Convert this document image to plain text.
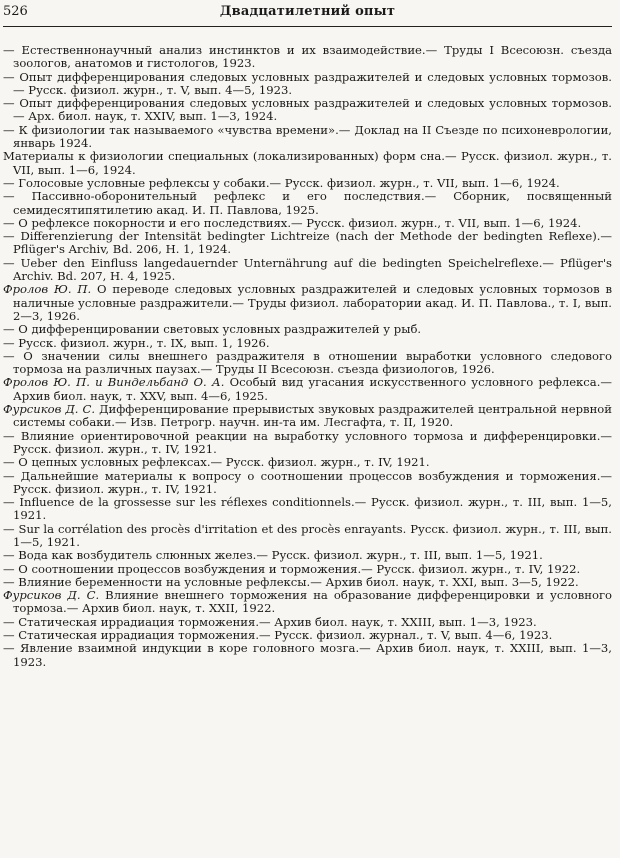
526	Двадцатилетний опыт

— Естественнонаучный анализ инстинктов и их взаимодействие.— Труды I Всесоюзн. съезда зоологов, анатомов и гистологов, 1923.

— Опыт дифференцирования следовых условных раздражителей и следовых условных тормозов.— Русск. физиол. журн., т. V, вып. 4—5, 1923.

— Опыт дифференцирования следовых условных раздражителей и следовых условных тормозов.— Арх. биол. наук, т. XXIV, вып. 1—3, 1924.

— К физиологии так называемого «чувства времени».— Доклад на II Съезде по психоневрологии, январь 1924.

Материалы к физиологии специальных (локализированных) форм сна.— Русск. физиол. журн., т. VII, вып. 1—6, 1924.

— Голосовые условные рефлексы у собаки.— Русск. физиол. журн., т. VII, вып. 1—6, 1924.

— Пассивно-оборонительный рефлекс и его последствия.— Сборник, посвященный семидесятипятилетию акад. И. П. Павлова, 1925.

— О рефлексе покорности и его последствиях.— Русск. физиол. журн., т. VII, вып. 1—6, 1924.

— Differenzierung der Intensität bedingter Lichtreize (nach der Methode der bedingten Reflexe).— Pflüger's Archiv, Bd. 206, H. 1, 1924.

— Ueber den Einfluss langedauernder Unternährung auf die bedingten Speichelreflexe.— Pflüger's Archiv. Bd. 207, H. 4, 1925.

Фролов Ю. П. О переводе следовых условных раздражителей и следовых условных тормозов в наличные условные раздражители.— Труды физиол. лаборатории акад. И. П. Павлова., т. I, вып. 2—3, 1926.

— О дифференцировании световых условных раздражителей у рыб.

— Русск. физиол. журн., т. IX, вып. 1, 1926.

— О значении силы внешнего раздражителя в отношении выработки условного следового тормоза на различных паузах.— Труды II Всесоюзн. съезда физиологов, 1926.

Фролов Ю. П. и Виндельбанд О. А. Особый вид угасания искусственного условного рефлекса.— Архив биол. наук, т. XXV, вып. 4—6, 1925.

Фурсиков Д. С. Дифференцирование прерывистых звуковых раздражителей центральной нервной системы собаки.— Изв. Петрогр. научн. ин-та им. Лесгафта, т. II, 1920.

— Влияние ориентировочной реакции на выработку условного тормоза и дифференцировки.— Русск. физиол. журн., т. IV, 1921.

— О цепных условных рефлексах.— Русск. физиол. журн., т. IV, 1921.

— Дальнейшие материалы к вопросу о соотношении процессов возбуждения и торможения.— Русск. физиол. журн., т. IV, 1921.

— Influence de la grossesse sur les réflexes conditionnels.— Русск. физиол. журн., т. III, вып. 1—5, 1921.

— Sur la corrélation des procès d'irritation et des procès enrayants. Русск. физиол. журн., т. III, вып. 1—5, 1921.

— Вода как возбудитель слюнных желез.— Русск. физиол. журн., т. III, вып. 1—5, 1921.

— О соотношении процессов возбуждения и торможения.— Русск. физиол. журн., т. IV, 1922.

— Влияние беременности на условные рефлексы.— Архив биол. наук, т. XXI, вып. 3—5, 1922.

Фурсиков Д. С. Влияние внешнего торможения на образование дифференцировки и условного тормоза.— Архив биол. наук, т. XXII, 1922.

— Статическая иррадиация торможения.— Архив биол. наук, т. XXIII, вып. 1—3, 1923.

— Статическая иррадиация торможения.— Русск. физиол. журнал., т. V, вып. 4—6, 1923.

— Явление взаимной индукции в коре головного мозга.— Архив биол. наук, т. XXIII, вып. 1—3, 1923.
